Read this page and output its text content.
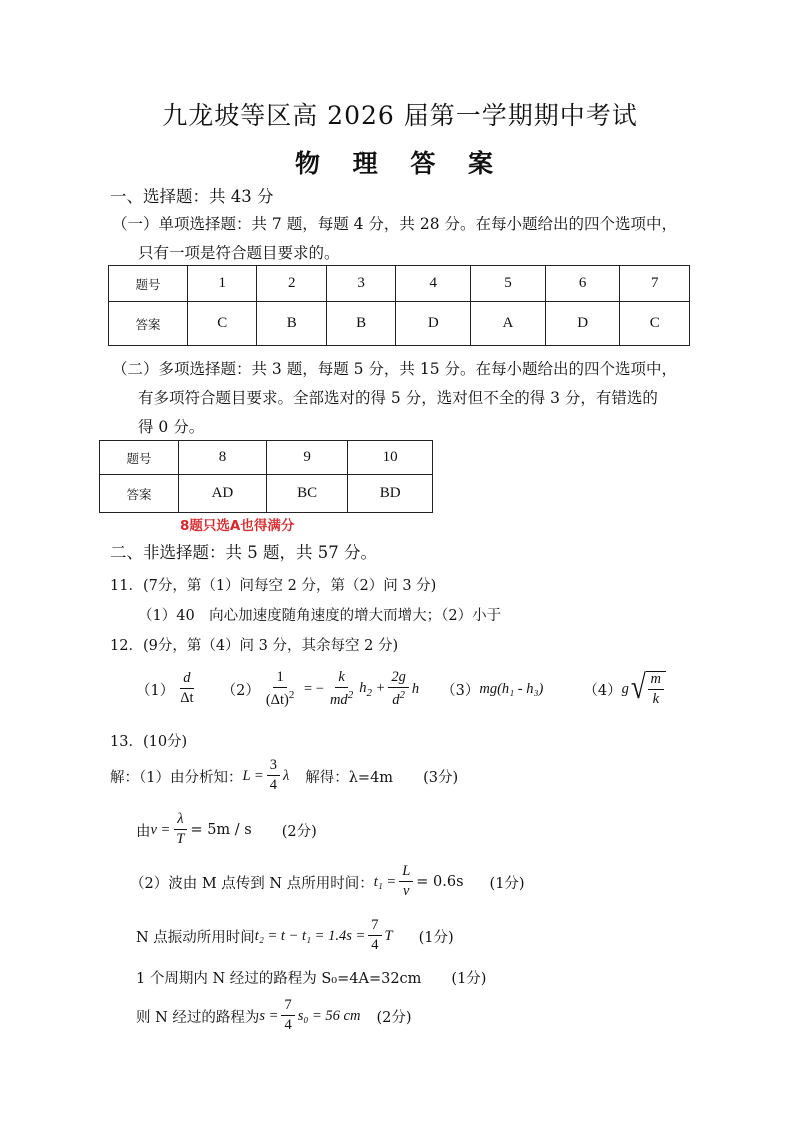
九龙坡等区高 2026 届第一学期期中考试
物 理 答 案
一、选择题：共 43 分
（一）单项选择题：共 7 题，每题 4 分，共 28 分。在每小题给出的四个选项中，
只有一项是符合题目要求的。
题号	1	2	3	4	5	6	7
答案	C	B	B	D	A	D	C
（二）多项选择题：共 3 题，每题 5 分，共 15 分。在每小题给出的四个选项中，
有多项符合题目要求。全部选对的得 5 分，选对但不全的得 3 分，有错选的
得 0 分。
题号	8	9	10
答案	AD	BC	BD
8题只选A也得满分
二、非选择题：共 5 题，共 57 分。
11．(7分，第（1）问每空 2 分，第（2）问 3 分)
（1）40　向心加速度随角速度的增大而增大；（2）小于
12．(9分，第（4）问 3 分，其余每空 2 分)
$(1) \frac{d}{\Delta t} (2) \frac{1}{(\Delta t)^2}$ = − $\frac{k}{md^2} h_2 + \frac{2g}{d^2}$ h （3） mg(h₁ - h₃)	（4） g √ $\frac{m}{k}$
13．(10分)
解：（1）由分析知： $L = \frac{3}{4}$ λ 解得：λ=4m (3分)
由 $v = \frac{\lambda}{T} = 5m / s$ (2分)
（2）波由 M 点传到 N 点所用时间： $t_1 = \frac{L}{v} = 0.6s$ (1分)
N 点振动所用时间 $t_2 = t - t_1 = 1.4s = \frac{7}{4}$ T (1分)
1 个周期内 N 经过的路程为 S₀=4A=32cm (1分)
则 N 经过的路程为 $s = \frac{7}{4} s_0 = 56$ cm (2分)
